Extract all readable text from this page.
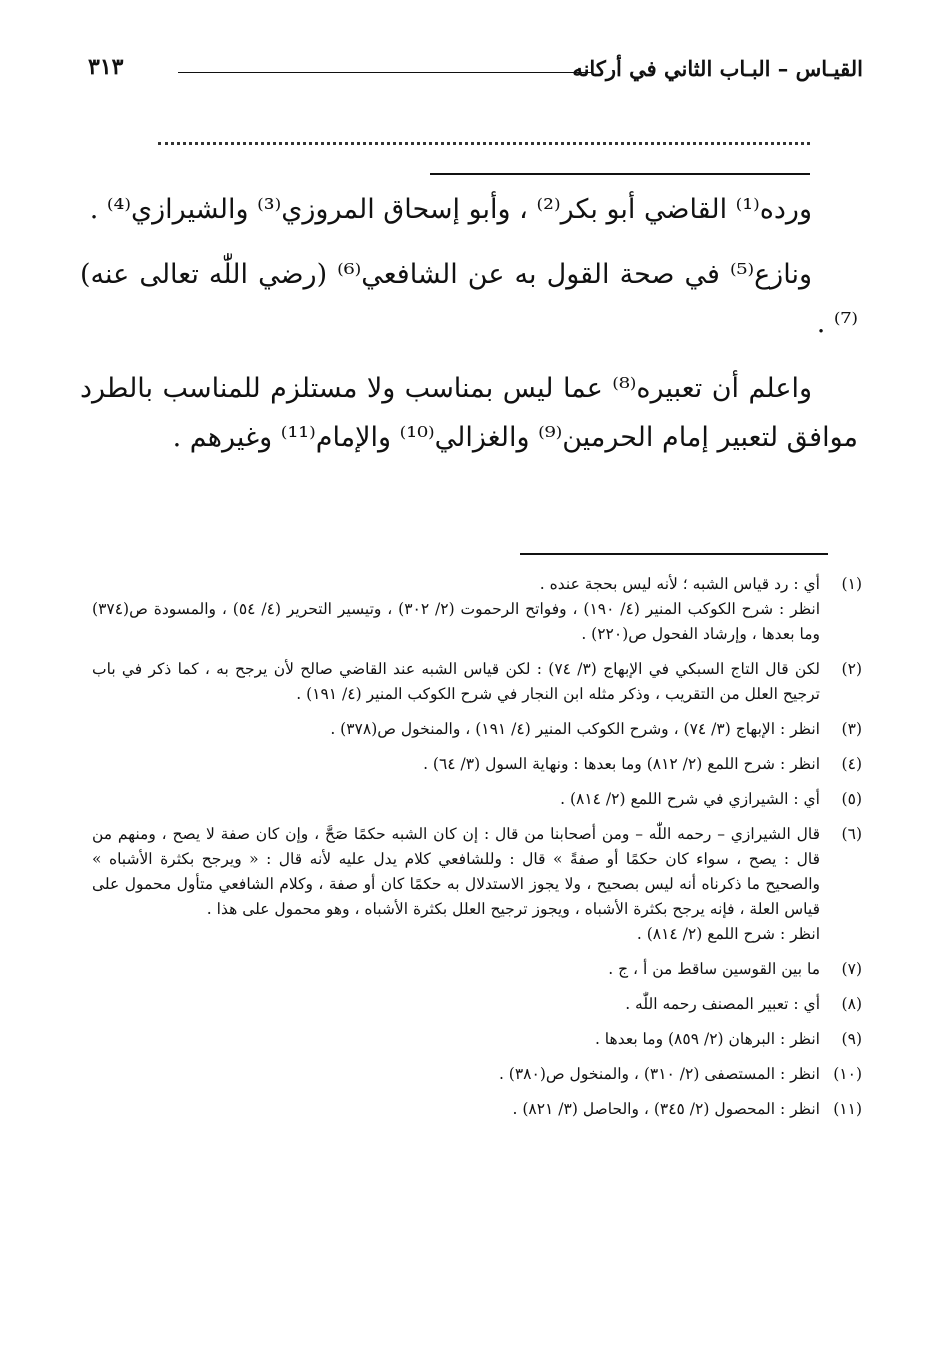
القيـاس – البـاب الثاني في أركانه
٣١٣

ورده⁽¹⁾ القاضي أبو بكر⁽²⁾ ، وأبو إسحاق المروزي⁽³⁾ والشيرازي⁽⁴⁾ .

ونازع⁽⁵⁾ في صحة القول به عن الشافعي⁽⁶⁾ (رضي اللّٰه تعالى عنه)⁽⁷⁾ .

واعلم أن تعبيره⁽⁸⁾ عما ليس بمناسب ولا مستلزم للمناسب بالطرد موافق لتعبير إمام الحرمين⁽⁹⁾ والغزالي⁽¹⁰⁾ والإمام⁽¹¹⁾ وغيرهم .

(١)
أي : رد قياس الشبه ؛ لأنه ليس بحجة عنده .
انظر : شرح الكوكب المنير (٤/ ١٩٠) ، وفواتح الرحموت (٢/ ٣٠٢) ، وتيسير التحرير (٤/ ٥٤) ، والمسودة ص(٣٧٤) وما بعدها ، وإرشاد الفحول ص(٢٢٠) .
(٢)
لكن قال التاج السبكي في الإبهاج (٣/ ٧٤) : لكن قياس الشبه عند القاضي صالح لأن يرجح به ، كما ذكر في باب ترجيح العلل من التقريب ، وذكر مثله ابن النجار في شرح الكوكب المنير (٤/ ١٩١) .
(٣)
انظر : الإبهاج (٣/ ٧٤) ، وشرح الكوكب المنير (٤/ ١٩١) ، والمنخول ص(٣٧٨) .
(٤)
انظر : شرح اللمع (٢/ ٨١٢) وما بعدها : ونهاية السول (٣/ ٦٤) .
(٥)
أي : الشيرازي في شرح اللمع (٢/ ٨١٤) .
(٦)
قال الشيرازي – رحمه اللّٰه – ومن أصحابنا من قال : إن كان الشبه حكمًا صَحَّ ، وإن كان صفة لا يصح ، ومنهم من قال : يصح ، سواء كان حكمًا أو صفةً » قال : وللشافعي كلام يدل عليه لأنه قال : « ويرجح بكثرة الأشباه » والصحيح ما ذكرناه أنه ليس بصحيح ، ولا يجوز الاستدلال به حكمًا كان أو صفة ، وكلام الشافعي متأول محمول على قياس العلة ، فإنه يرجح بكثرة الأشباه ، ويجوز ترجيح العلل بكثرة الأشباه ، وهو محمول على هذا .
انظر : شرح اللمع (٢/ ٨١٤) .
(٧)
ما بين القوسين ساقط من أ ، ج .
(٨)
أي : تعبير المصنف رحمه اللّٰه .
(٩)
انظر : البرهان (٢/ ٨٥٩) وما بعدها .
(١٠)
انظر : المستصفى (٢/ ٣١٠) ، والمنخول ص(٣٨٠) .
(١١)
انظر : المحصول (٢/ ٣٤٥) ، والحاصل (٣/ ٨٢١) .
